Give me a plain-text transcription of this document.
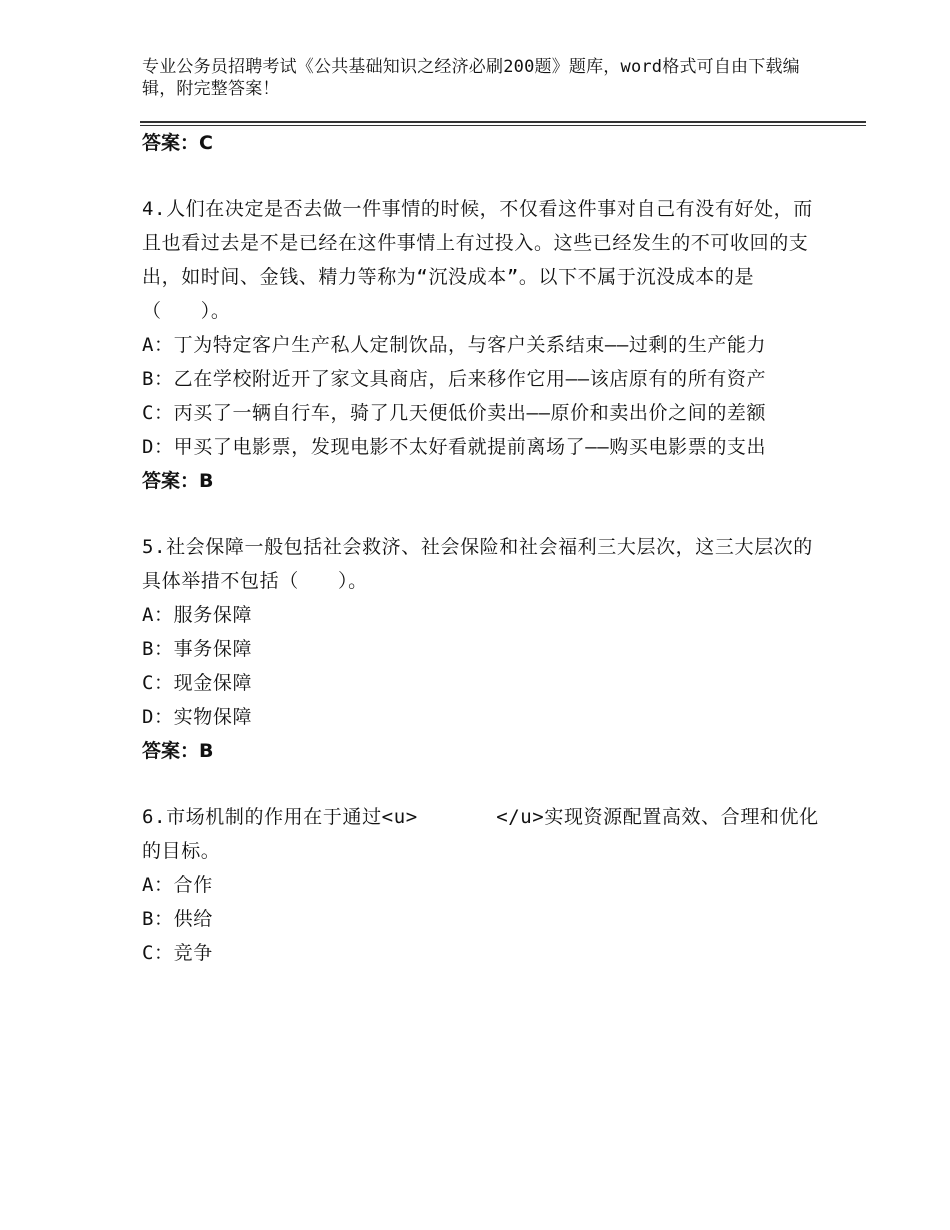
专业公务员招聘考试《公共基础知识之经济必刷200题》题库，word格式可自由下载编辑，附完整答案！

答案：C

4.人们在决定是否去做一件事情的时候，不仅看这件事对自己有没有好处，而且也看过去是不是已经在这件事情上有过投入。这些已经发生的不可收回的支出，如时间、金钱、精力等称为“沉没成本”。以下不属于沉没成本的是（　　）。

A：丁为特定客户生产私人定制饮品，与客户关系结束——过剩的生产能力

B：乙在学校附近开了家文具商店，后来移作它用——该店原有的所有资产

C：丙买了一辆自行车，骑了几天便低价卖出——原价和卖出价之间的差额

D：甲买了电影票，发现电影不太好看就提前离场了——购买电影票的支出

答案：B

5.社会保障一般包括社会救济、社会保险和社会福利三大层次，这三大层次的具体举措不包括（　　）。

A：服务保障

B：事务保障

C：现金保障

D：实物保障

答案：B

6.市场机制的作用在于通过<u>　　　　</u>实现资源配置高效、合理和优化的目标。

A：合作

B：供给

C：竞争
